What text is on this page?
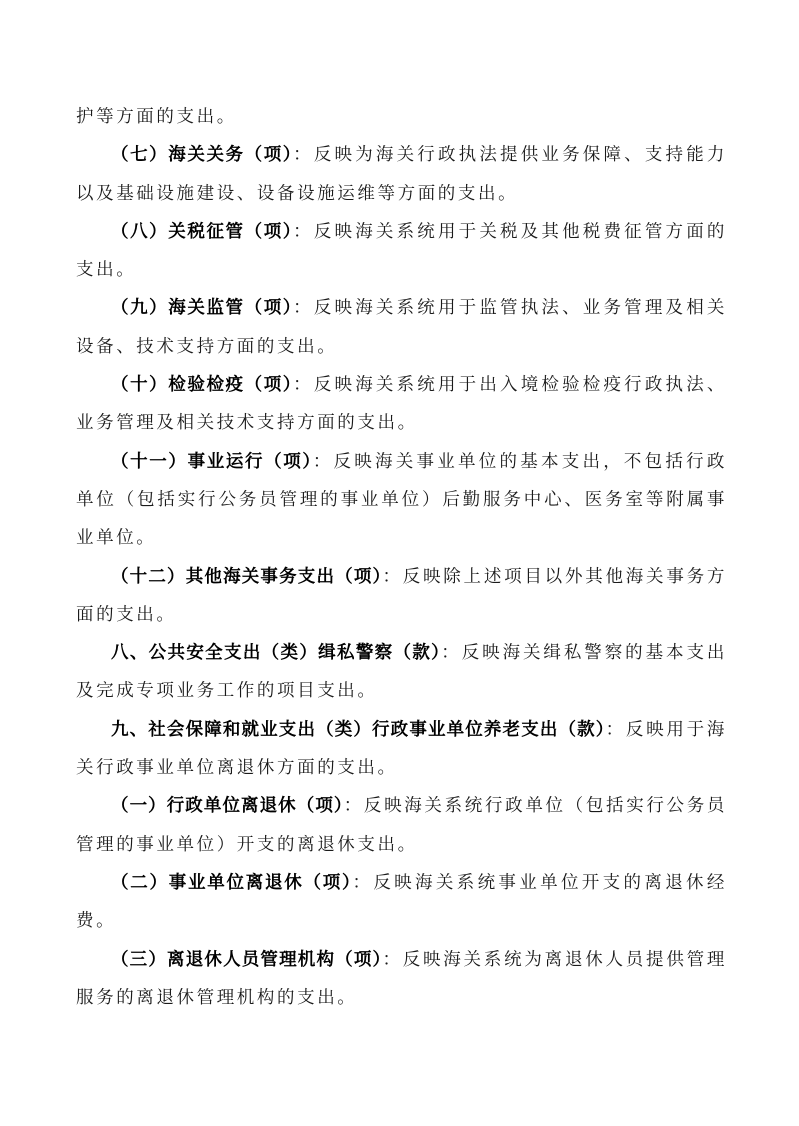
护等方面的支出。

（七）海关关务（项）：反映为海关行政执法提供业务保障、支持能力以及基础设施建设、设备设施运维等方面的支出。

（八）关税征管（项）：反映海关系统用于关税及其他税费征管方面的支出。

（九）海关监管（项）：反映海关系统用于监管执法、业务管理及相关设备、技术支持方面的支出。

（十）检验检疫（项）：反映海关系统用于出入境检验检疫行政执法、业务管理及相关技术支持方面的支出。

（十一）事业运行（项）：反映海关事业单位的基本支出，不包括行政单位（包括实行公务员管理的事业单位）后勤服务中心、医务室等附属事业单位。

（十二）其他海关事务支出（项）：反映除上述项目以外其他海关事务方面的支出。

八、公共安全支出（类）缉私警察（款）：反映海关缉私警察的基本支出及完成专项业务工作的项目支出。

九、社会保障和就业支出（类）行政事业单位养老支出（款）：反映用于海关行政事业单位离退休方面的支出。

（一）行政单位离退休（项）：反映海关系统行政单位（包括实行公务员管理的事业单位）开支的离退休支出。

（二）事业单位离退休（项）：反映海关系统事业单位开支的离退休经费。

（三）离退休人员管理机构（项）：反映海关系统为离退休人员提供管理服务的离退休管理机构的支出。
